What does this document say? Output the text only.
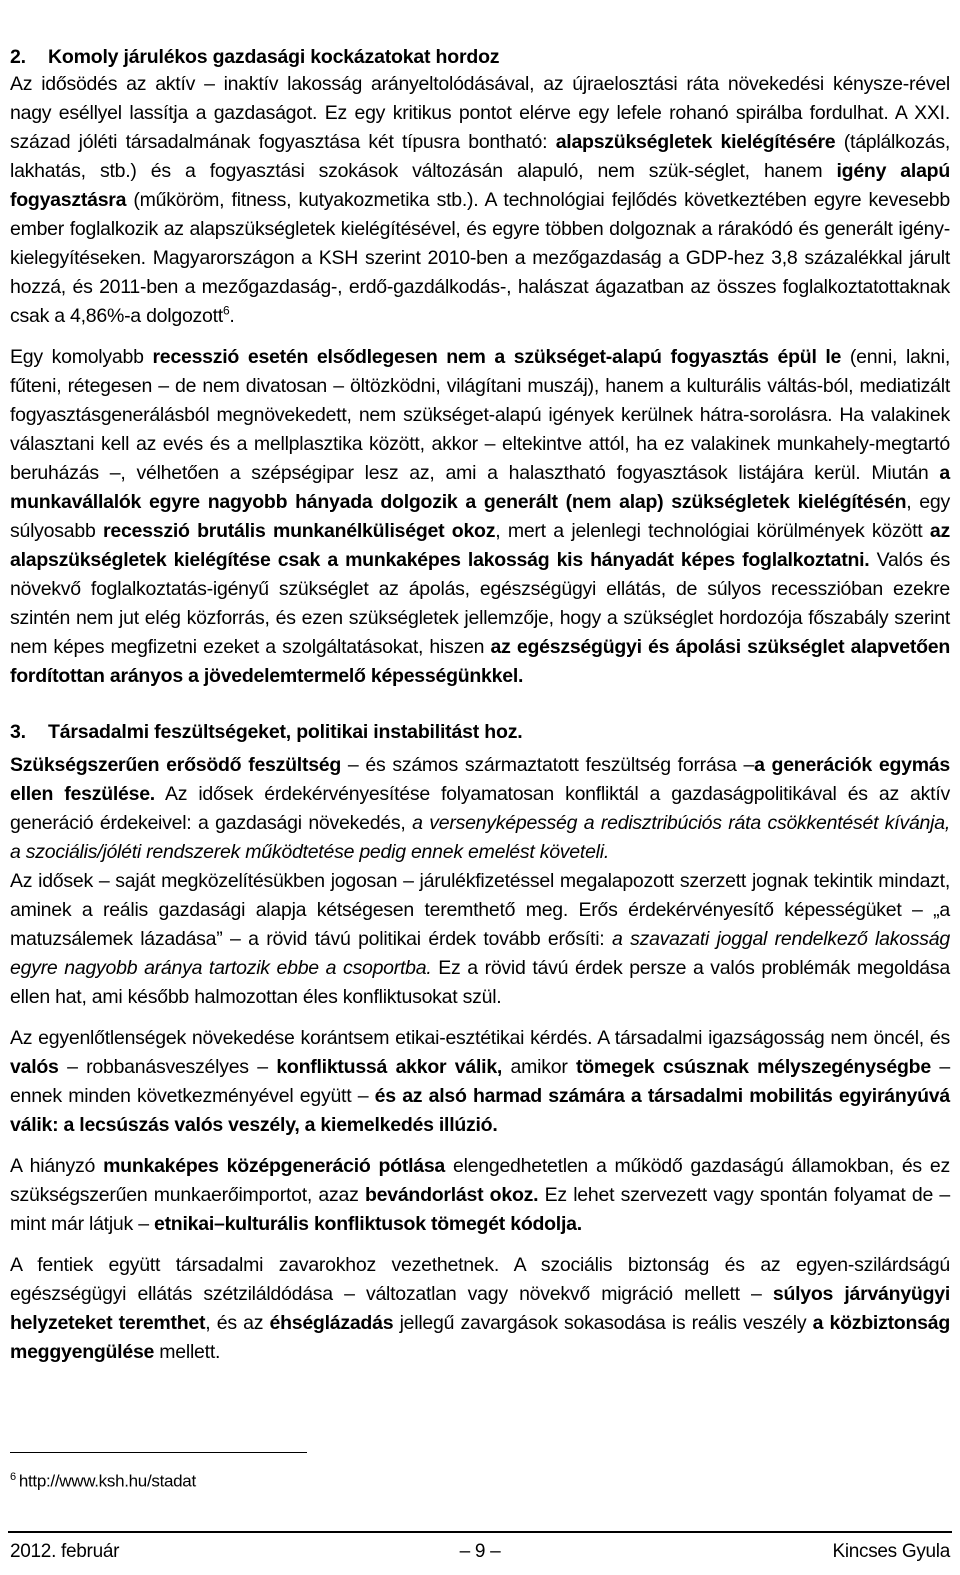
2. Komoly járulékos gazdasági kockázatokat hordoz

Az idősödés az aktív – inaktív lakosság arányeltolódásával, az újraelosztási ráta növekedési kénysze-rével nagy eséllyel lassítja a gazdaságot. Ez egy kritikus pontot elérve egy lefele rohanó spirálba fordulhat. A XXI. század jóléti társadalmának fogyasztása két típusra bontható: alapszükségletek kielégítésére (táplálkozás, lakhatás, stb.) és a fogyasztási szokások változásán alapuló, nem szük-séglet, hanem igény alapú fogyasztásra (műköröm, fitness, kutyakozmetika stb.). A technológiai fejlődés következtében egyre kevesebb ember foglalkozik az alapszükségletek kielégítésével, és egyre többen dolgoznak a rárakódó és generált igény-kielegyítéseken. Magyarországon a KSH szerint 2010-ben a mezőgazdaság a GDP-hez 3,8 százalékkal járult hozzá, és 2011-ben a mezőgazdaság-, erdő-gazdálkodás-, halászat ágazatban az összes foglalkoztatottaknak csak a 4,86%-a dolgozott$^6$.

Egy komolyabb recesszió esetén elsődlegesen nem a szükséget-alapú fogyasztás épül le (enni, lakni, fűteni, rétegesen – de nem divatosan – öltözködni, világítani muszáj), hanem a kulturális váltás-ból, mediatizált fogyasztásgenerálásból megnövekedett, nem szükséget-alapú igények kerülnek hátra-sorolásra. Ha valakinek választani kell az evés és a mellplasztika között, akkor – eltekintve attól, ha ez valakinek munkahely-megtartó beruházás –, vélhetően a szépségipar lesz az, ami a halasztható fogyasztások listájára kerül. Miután a munkavállalók egyre nagyobb hányada dolgozik a generált (nem alap) szükségletek kielégítésén, egy súlyosabb recesszió brutális munkanélküliséget okoz, mert a jelenlegi technológiai körülmények között az alapszükségletek kielégítése csak a munkaképes lakosság kis hányadát képes foglalkoztatni. Valós és növekvő foglalkoztatás-igényű szükséglet az ápolás, egészségügyi ellátás, de súlyos recesszióban ezekre szintén nem jut elég közforrás, és ezen szükségletek jellemzője, hogy a szükséglet hordozója főszabály szerint nem képes megfizetni ezeket a szolgáltatásokat, hiszen az egészségügyi és ápolási szükséglet alapvetően fordítottan arányos a jövedelemtermelő képességünkkel.

3. Társadalmi feszültségeket, politikai instabilitást hoz.

Szükségszerűen erősödő feszültség – és számos származtatott feszültség forrása –a generációk egymás ellen feszülése. Az idősek érdekérvényesítése folyamatosan konfliktál a gazdaságpolitikával és az aktív generáció érdekeivel: a gazdasági növekedés, a versenyképesség a redisztribúciós ráta csökkentését kívánja, a szociális/jóléti rendszerek működtetése pedig ennek emelést követeli.
Az idősek – saját megközelítésükben jogosan – járulékfizetéssel megalapozott szerzett jognak tekintik mindazt, aminek a reális gazdasági alapja kétségesen teremthető meg. Erős érdekérvényesítő képességüket – „a matuzsálemek lázadása” – a rövid távú politikai érdek tovább erősíti: a szavazati joggal rendelkező lakosság egyre nagyobb aránya tartozik ebbe a csoportba. Ez a rövid távú érdek persze a valós problémák megoldása ellen hat, ami később halmozottan éles konfliktusokat szül.

Az egyenlőtlenségek növekedése korántsem etikai-esztétikai kérdés. A társadalmi igazságosság nem öncél, és valós – robbanásveszélyes – konfliktussá akkor válik, amikor tömegek csúsznak mélyszegénységbe – ennek minden következményével együtt – és az alsó harmad számára a társadalmi mobilitás egyirányúvá válik: a lecsúszás valós veszély, a kiemelkedés illúzió.

A hiányzó munkaképes középgeneráció pótlása elengedhetetlen a működő gazdaságú államokban, és ez szükségszerűen munkaerőimportot, azaz bevándorlást okoz. Ez lehet szervezett vagy spontán folyamat de – mint már látjuk – etnikai–kulturális konfliktusok tömegét kódolja.

A fentiek együtt társadalmi zavarokhoz vezethetnek. A szociális biztonság és az egyen-szilárdságú egészségügyi ellátás szétziláldódása – változatlan vagy növekvő migráció mellett – súlyos járványügyi helyzeteket teremthet, és az éhséglázadás jellegű zavargások sokasodása is reális veszély a közbiztonság meggyengülése mellett.

$^6$ http://www.ksh.hu/stadat
2012. február	– 9 –	Kincses Gyula
